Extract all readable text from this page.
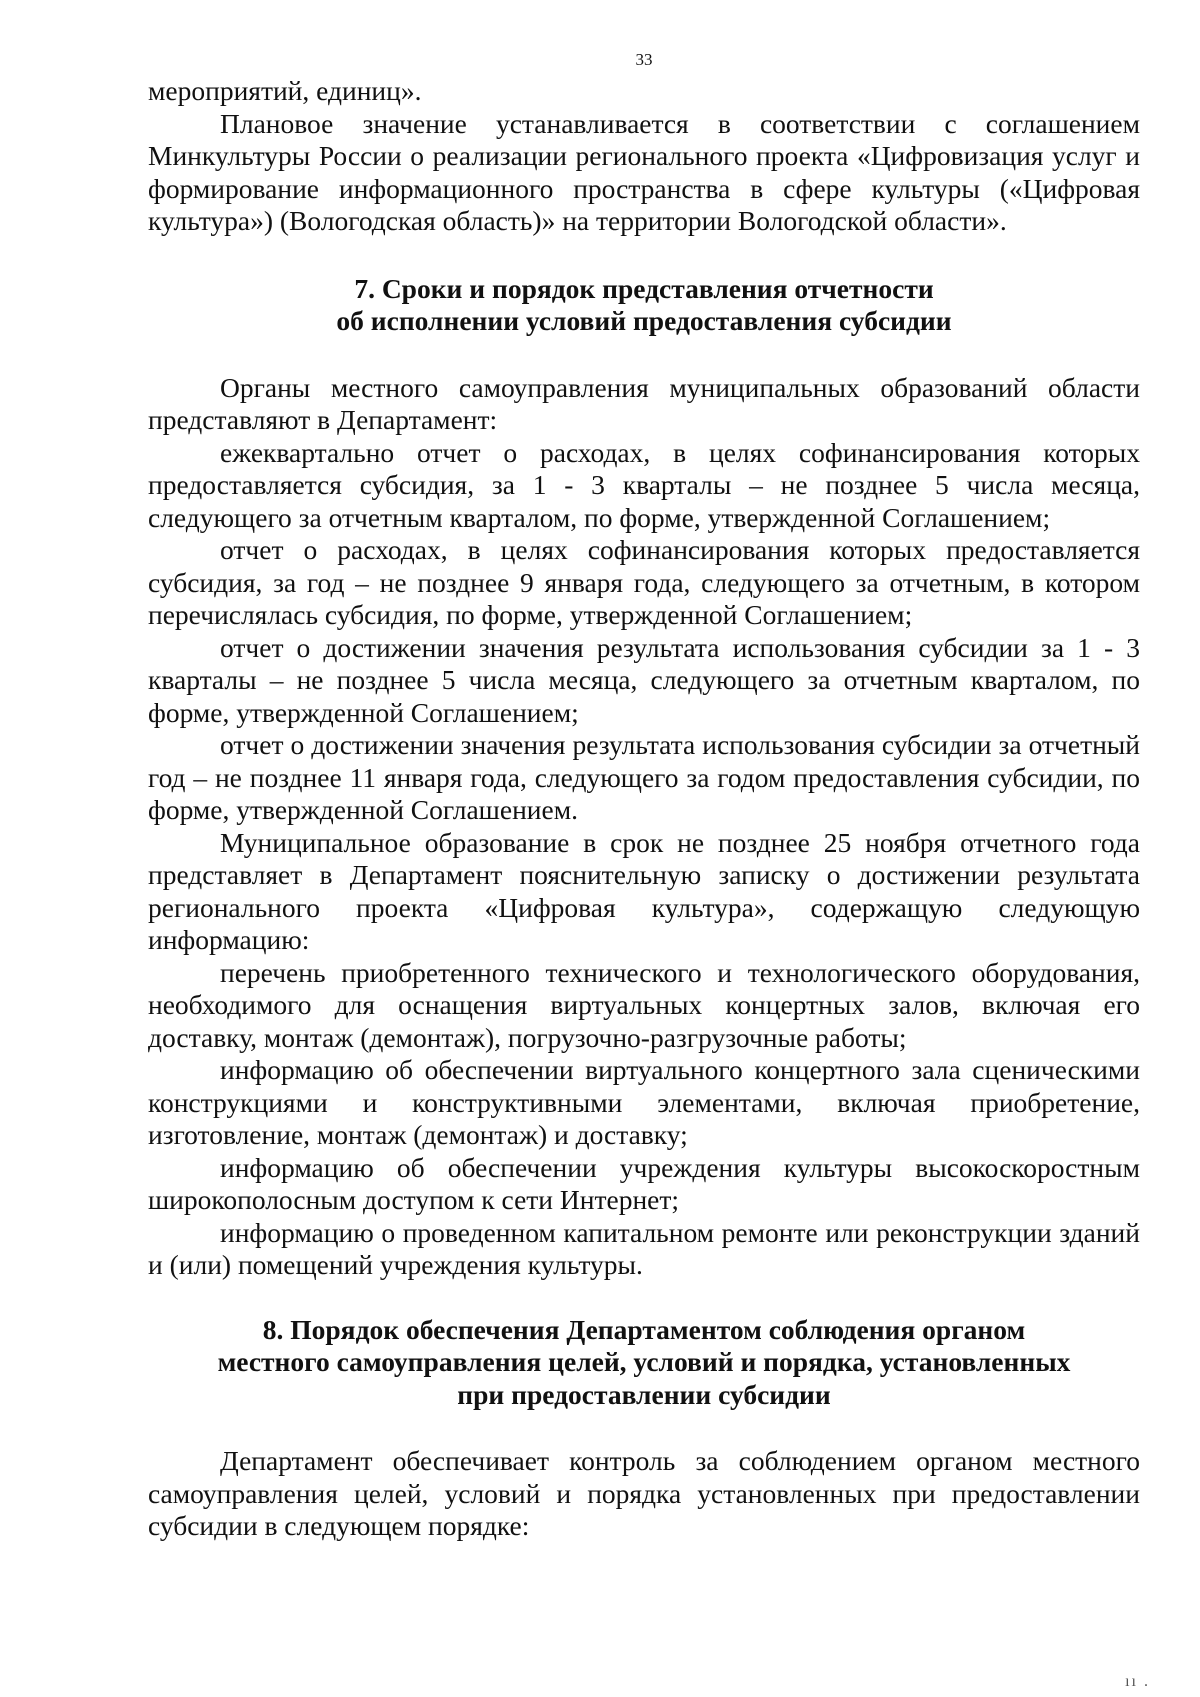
33

мероприятий, единиц».

Плановое значение устанавливается в соответствии с соглашением Минкультуры России о реализации регионального проекта «Цифровизация услуг и формирование информационного пространства в сфере культуры («Цифровая культура») (Вологодская область)» на территории Вологодской области».

7. Сроки и порядок представления отчетности
об исполнении условий предоставления субсидии

Органы местного самоуправления муниципальных образований области представляют в Департамент:

ежеквартально отчет о расходах, в целях софинансирования которых предоставляется субсидия, за 1 - 3 кварталы – не позднее 5 числа месяца, следующего за отчетным кварталом, по форме, утвержденной Соглашением;

отчет о расходах, в целях софинансирования которых предоставляется субсидия, за год – не позднее 9 января года, следующего за отчетным, в котором перечислялась субсидия, по форме, утвержденной Соглашением;

отчет о достижении значения результата использования субсидии за 1 - 3 кварталы – не позднее 5 числа месяца, следующего за отчетным кварталом, по форме, утвержденной Соглашением;

отчет о достижении значения результата использования субсидии за отчетный год – не позднее 11 января года, следующего за годом предоставления субсидии, по форме, утвержденной Соглашением.

Муниципальное образование в срок не позднее 25 ноября отчетного года представляет в Департамент пояснительную записку о достижении результата регионального проекта «Цифровая культура», содержащую следующую информацию:

перечень приобретенного технического и технологического оборудования, необходимого для оснащения виртуальных концертных залов, включая его доставку, монтаж (демонтаж), погрузочно-разгрузочные работы;

информацию об обеспечении виртуального концертного зала сценическими конструкциями и конструктивными элементами, включая приобретение, изготовление, монтаж (демонтаж) и доставку;

информацию об обеспечении учреждения культуры высокоскоростным широкополосным доступом к сети Интернет;

информацию о проведенном капитальном ремонте или реконструкции зданий и (или) помещений учреждения культуры.

8. Порядок обеспечения Департаментом соблюдения органом
местного самоуправления целей, условий и порядка, установленных
при предоставлении субсидии

Департамент обеспечивает контроль за соблюдением органом местного самоуправления целей, условий и порядка установленных при предоставлении субсидии в следующем порядке:

ıı .
